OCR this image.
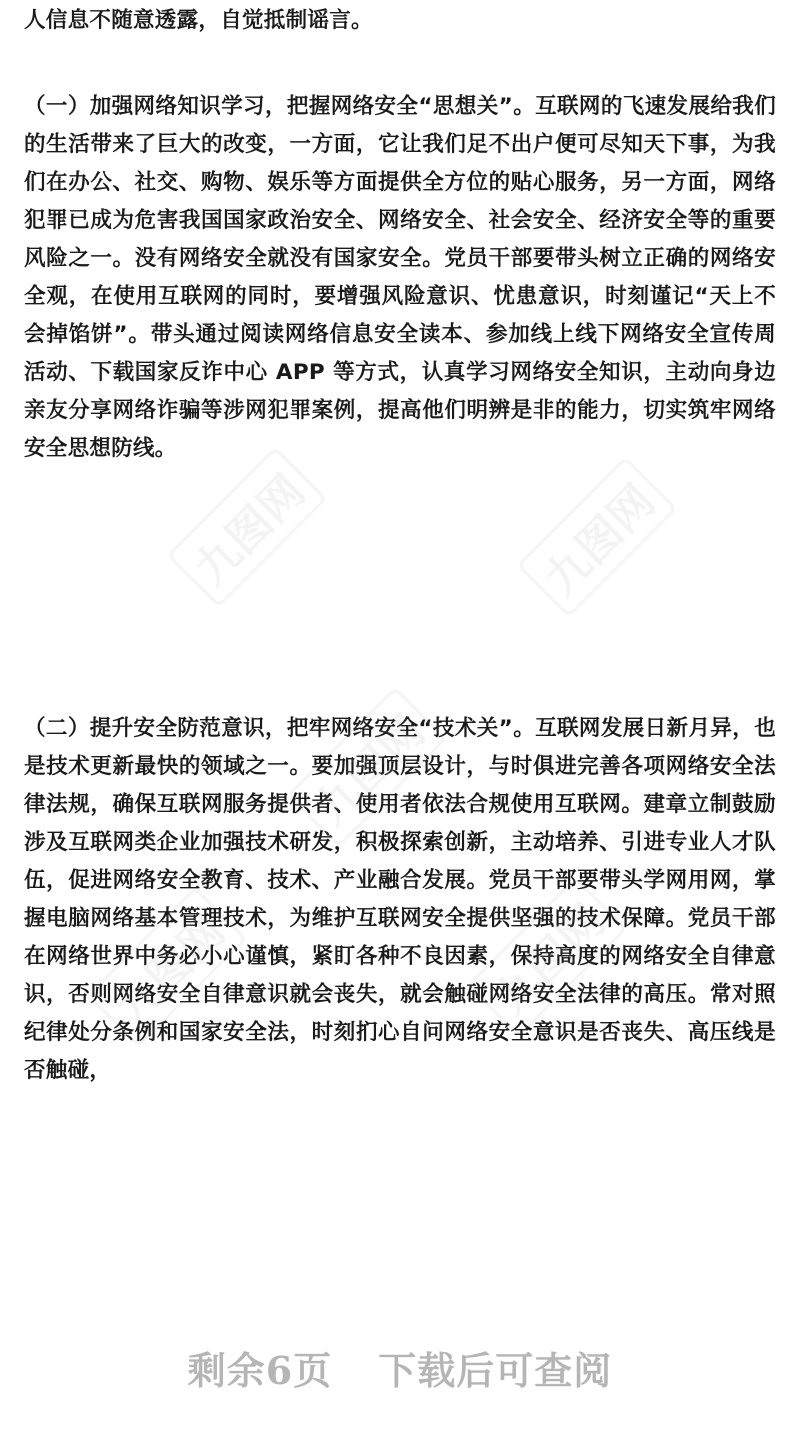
人信息不随意透露，自觉抵制谣言。

（一）加强网络知识学习，把握网络安全“思想关”。互联网的飞速发展给我们的生活带来了巨大的改变，一方面，它让我们足不出户便可尽知天下事，为我们在办公、社交、购物、娱乐等方面提供全方位的贴心服务，另一方面，网络犯罪已成为危害我国国家政治安全、网络安全、社会安全、经济安全等的重要风险之一。没有网络安全就没有国家安全。党员干部要带头树立正确的网络安全观，在使用互联网的同时，要增强风险意识、忧患意识，时刻谨记“天上不会掉馅饼”。带头通过阅读网络信息安全读本、参加线上线下网络安全宣传周活动、下载国家反诈中心 APP 等方式，认真学习网络安全知识，主动向身边亲友分享网络诈骗等涉网犯罪案例，提高他们明辨是非的能力，切实筑牢网络安全思想防线。

（二）提升安全防范意识，把牢网络安全“技术关”。互联网发展日新月异，也是技术更新最快的领域之一。要加强顶层设计，与时俱进完善各项网络安全法律法规，确保互联网服务提供者、使用者依法合规使用互联网。建章立制鼓励涉及互联网类企业加强技术研发，积极探索创新，主动培养、引进专业人才队伍，促进网络安全教育、技术、产业融合发展。党员干部要带头学网用网，掌握电脑网络基本管理技术，为维护互联网安全提供坚强的技术保障。党员干部在网络世界中务必小心谨慎，紧盯各种不良因素，保持高度的网络安全自律意识，否则网络安全自律意识就会丧失，就会触碰网络安全法律的高压。常对照纪律处分条例和国家安全法，时刻扪心自问网络安全意识是否丧失、高压线是否触碰，

九图网	九图网
九图网
九图网	九图网
剩余6页 下载后可查阅
